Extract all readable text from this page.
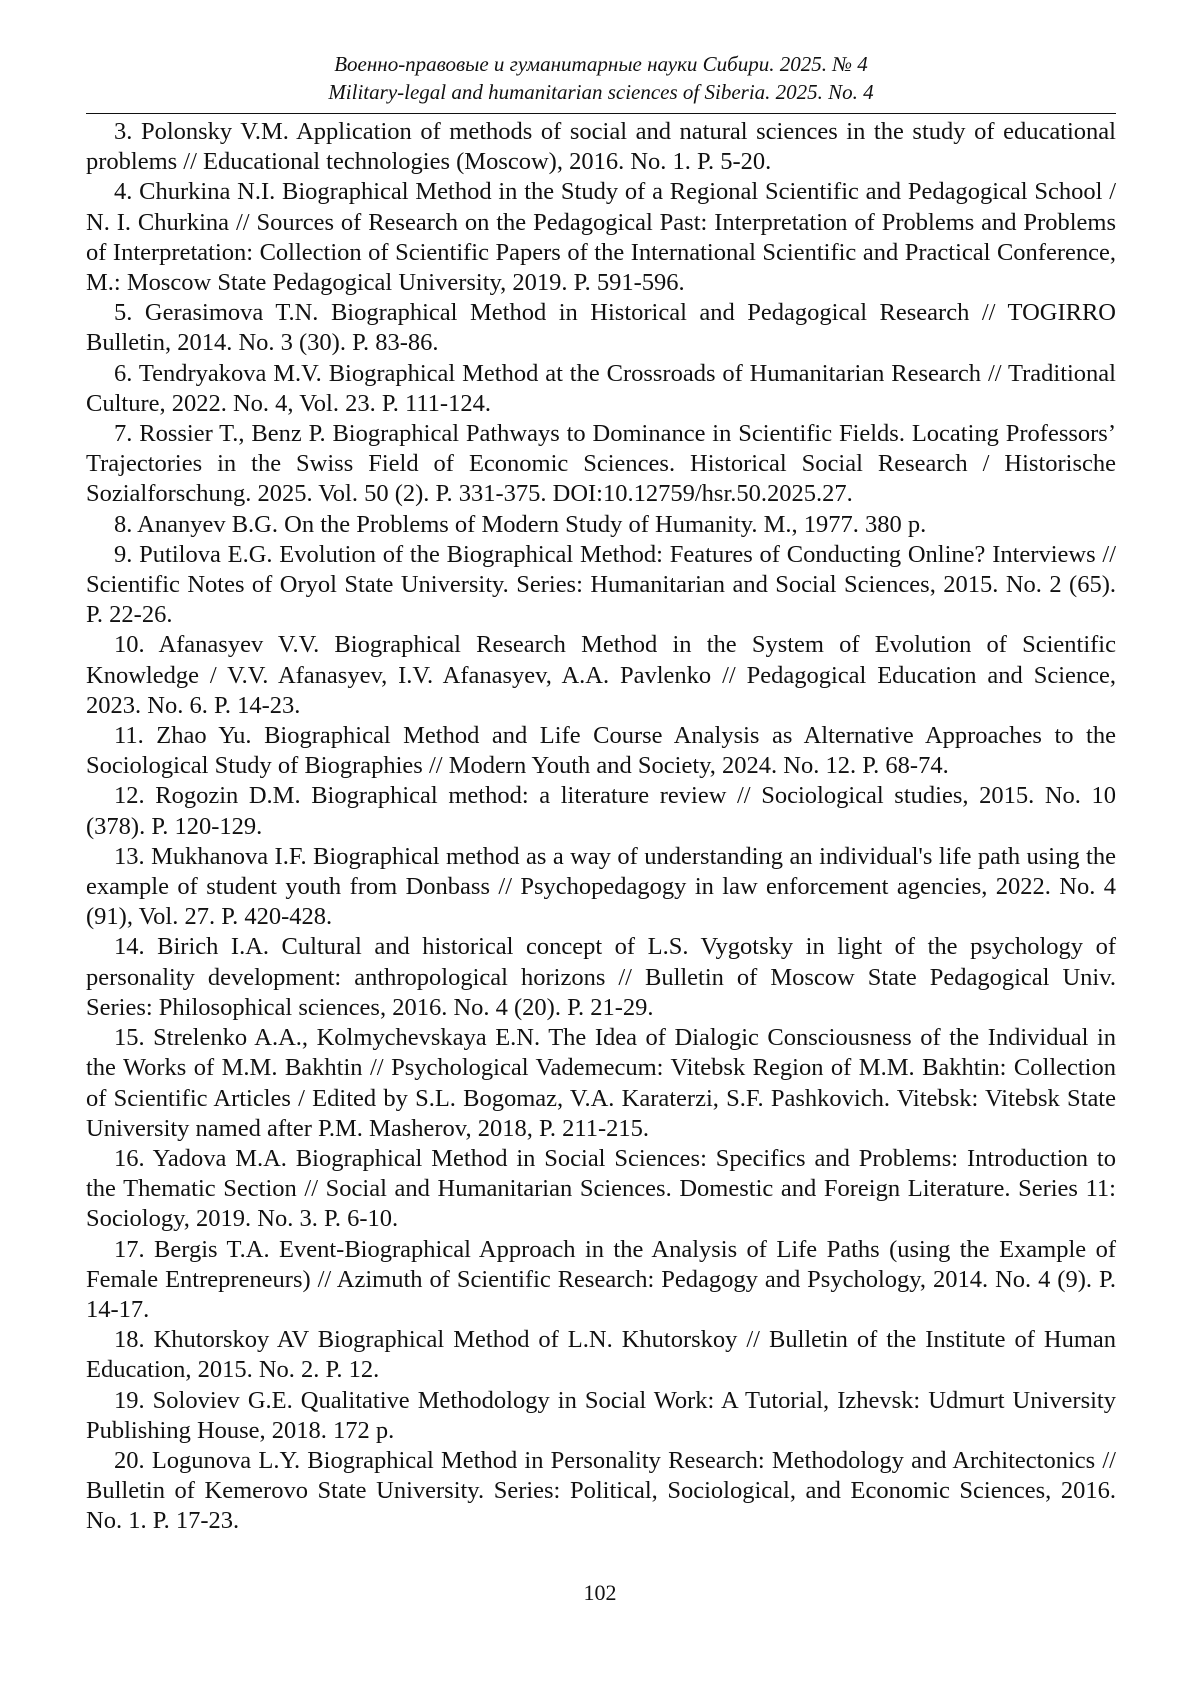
Военно-правовые и гуманитарные науки Сибири. 2025. № 4
Military-legal and humanitarian sciences of Siberia. 2025. No. 4

3. Polonsky V.M. Application of methods of social and natural sciences in the study of educational problems // Educational technologies (Moscow), 2016. No. 1. P. 5-20.

4. Churkina N.I. Biographical Method in the Study of a Regional Scientific and Pedagogical School / N. I. Churkina // Sources of Research on the Pedagogical Past: Interpretation of Problems and Problems of Interpretation: Collection of Scientific Papers of the International Scientific and Practical Conference, M.: Moscow State Pedagogical University, 2019. P. 591-596.

5. Gerasimova T.N. Biographical Method in Historical and Pedagogical Research // TOGIRRO Bulletin, 2014. No. 3 (30). P. 83-86.

6. Tendryakova M.V. Biographical Method at the Crossroads of Humanitarian Research // Traditional Culture, 2022. No. 4, Vol. 23. P. 111-124.

7. Rossier T., Benz P. Biographical Pathways to Dominance in Scientific Fields. Locating Professors’ Trajectories in the Swiss Field of Economic Sciences. Historical Social Research / Historische Sozialforschung. 2025. Vol. 50 (2). P. 331-375. DOI:10.12759/hsr.50.2025.27.

8. Ananyev B.G. On the Problems of Modern Study of Humanity. M., 1977. 380 p.

9. Putilova E.G. Evolution of the Biographical Method: Features of Conducting Online? Interviews // Scientific Notes of Oryol State University. Series: Humanitarian and Social Sciences, 2015. No. 2 (65). P. 22-26.

10. Afanasyev V.V. Biographical Research Method in the System of Evolution of Scientific Knowledge / V.V. Afanasyev, I.V. Afanasyev, A.A. Pavlenko // Pedagogical Education and Science, 2023. No. 6. P. 14-23.

11. Zhao Yu. Biographical Method and Life Course Analysis as Alternative Approaches to the Sociological Study of Biographies // Modern Youth and Society, 2024. No. 12. P. 68-74.

12. Rogozin D.M. Biographical method: a literature review // Sociological studies, 2015. No. 10 (378). P. 120-129.

13. Mukhanova I.F. Biographical method as a way of understanding an individual's life path using the example of student youth from Donbass // Psychopedagogy in law enforcement agencies, 2022. No. 4 (91), Vol. 27. P. 420-428.

14. Birich I.A. Cultural and historical concept of L.S. Vygotsky in light of the psychology of personality development: anthropological horizons // Bulletin of Moscow State Pedagogical Univ. Series: Philosophical sciences, 2016. No. 4 (20). P. 21-29.

15. Strelenko A.A., Kolmychevskaya E.N. The Idea of Dialogic Consciousness of the Individual in the Works of M.M. Bakhtin // Psychological Vademecum: Vitebsk Region of M.M. Bakhtin: Collection of Scientific Articles / Edited by S.L. Bogomaz, V.A. Karaterzi, S.F. Pashkovich. Vitebsk: Vitebsk State University named after P.M. Masherov, 2018, P. 211-215.

16. Yadova M.A. Biographical Method in Social Sciences: Specifics and Problems: Introduction to the Thematic Section // Social and Humanitarian Sciences. Domestic and Foreign Literature. Series 11: Sociology, 2019. No. 3. P. 6-10.

17. Bergis T.A. Event-Biographical Approach in the Analysis of Life Paths (using the Example of Female Entrepreneurs) // Azimuth of Scientific Research: Pedagogy and Psychology, 2014. No. 4 (9). P. 14-17.

18. Khutorskoy AV Biographical Method of L.N. Khutorskoy // Bulletin of the Institute of Human Education, 2015. No. 2. P. 12.

19. Soloviev G.E. Qualitative Methodology in Social Work: A Tutorial, Izhevsk: Udmurt University Publishing House, 2018. 172 p.

20. Logunova L.Y. Biographical Method in Personality Research: Methodology and Architectonics // Bulletin of Kemerovo State University. Series: Political, Sociological, and Economic Sciences, 2016. No. 1. P. 17-23.

102
